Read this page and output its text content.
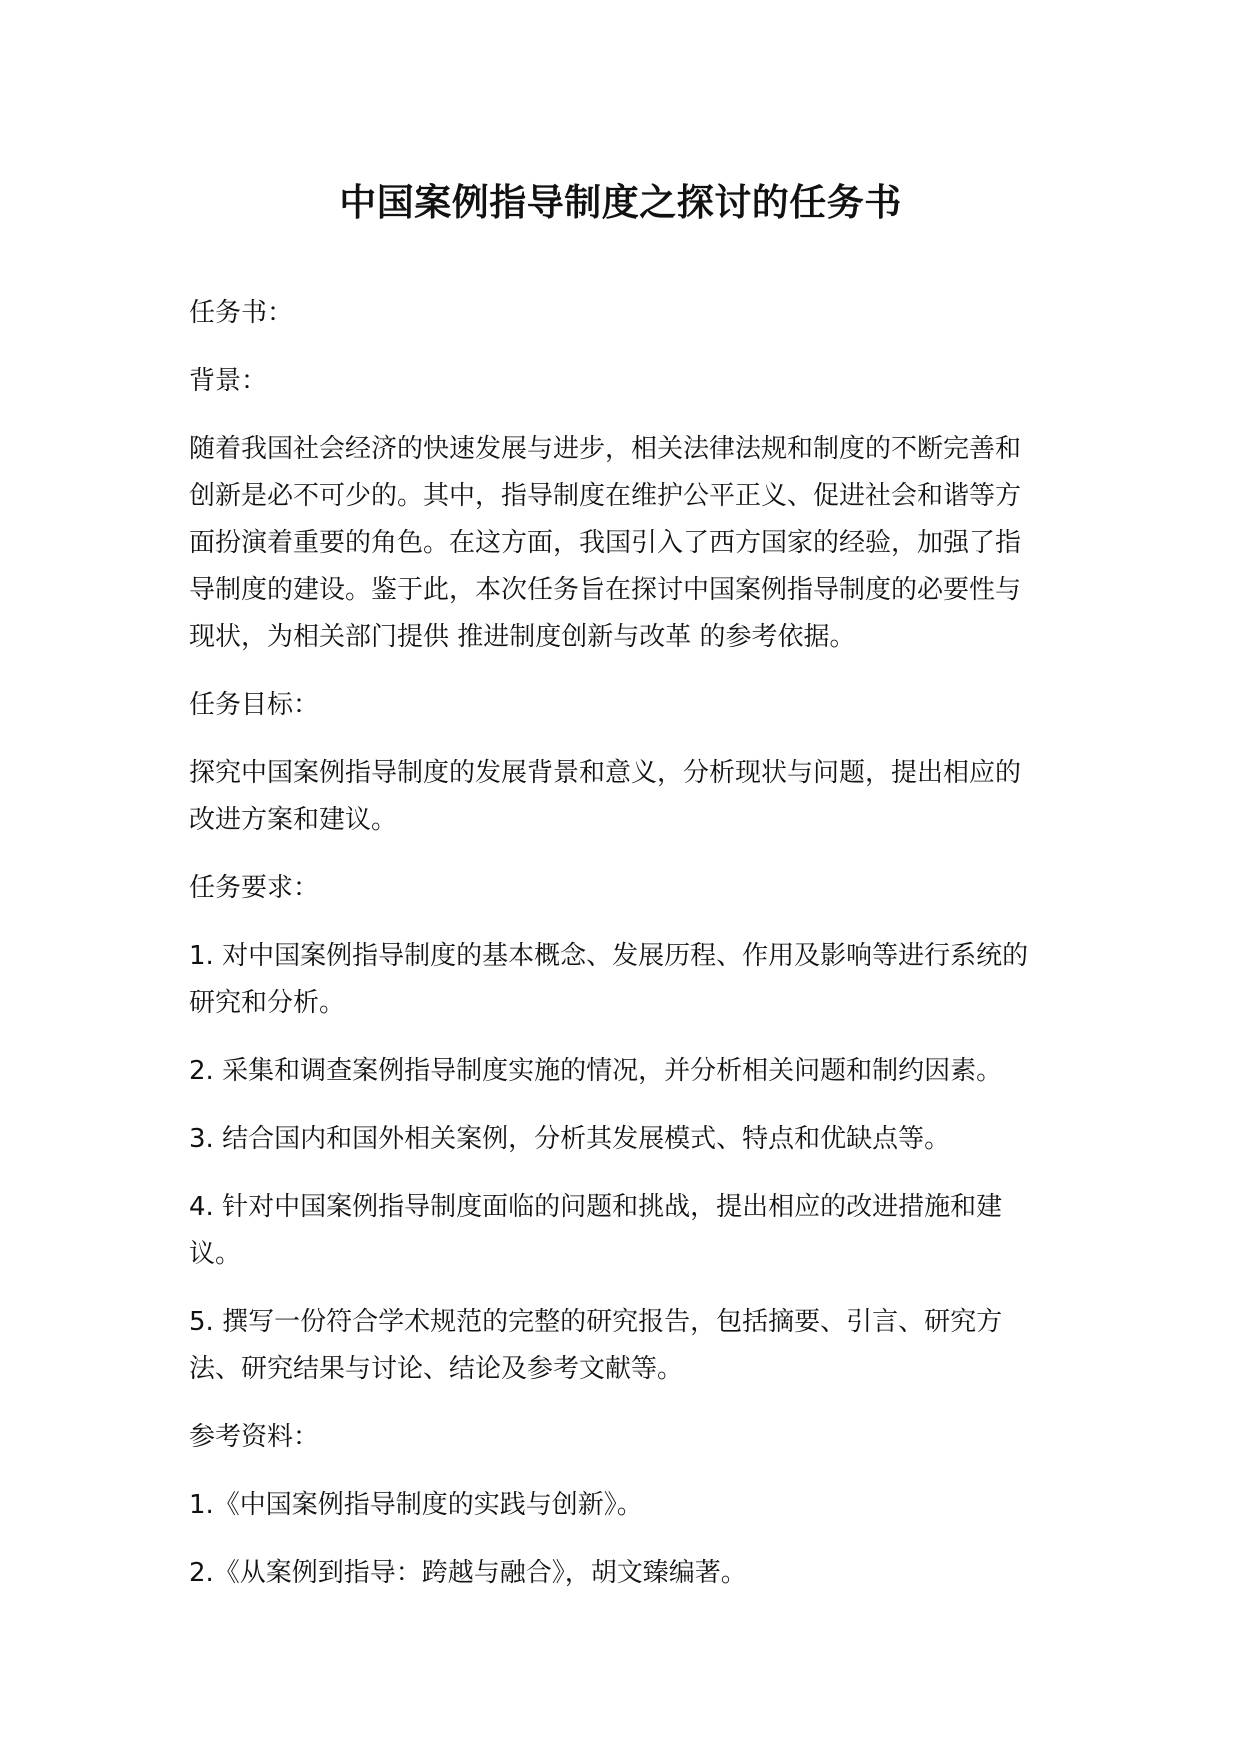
中国案例指导制度之探讨的任务书

任务书：

背景：

随着我国社会经济的快速发展与进步，相关法律法规和制度的不断完善和创新是必不可少的。其中，指导制度在维护公平正义、促进社会和谐等方面扮演着重要的角色。在这方面，我国引入了西方国家的经验，加强了指导制度的建设。鉴于此，本次任务旨在探讨中国案例指导制度的必要性与现状，为相关部门提供 推进制度创新与改革 的参考依据。

任务目标：

探究中国案例指导制度的发展背景和意义，分析现状与问题，提出相应的改进方案和建议。

任务要求：

1. 对中国案例指导制度的基本概念、发展历程、作用及影响等进行系统的研究和分析。

2. 采集和调查案例指导制度实施的情况，并分析相关问题和制约因素。

3. 结合国内和国外相关案例，分析其发展模式、特点和优缺点等。

4. 针对中国案例指导制度面临的问题和挑战，提出相应的改进措施和建议。

5. 撰写一份符合学术规范的完整的研究报告，包括摘要、引言、研究方法、研究结果与讨论、结论及参考文献等。

参考资料：

1.《中国案例指导制度的实践与创新》。

2.《从案例到指导：跨越与融合》，胡文臻编著。
